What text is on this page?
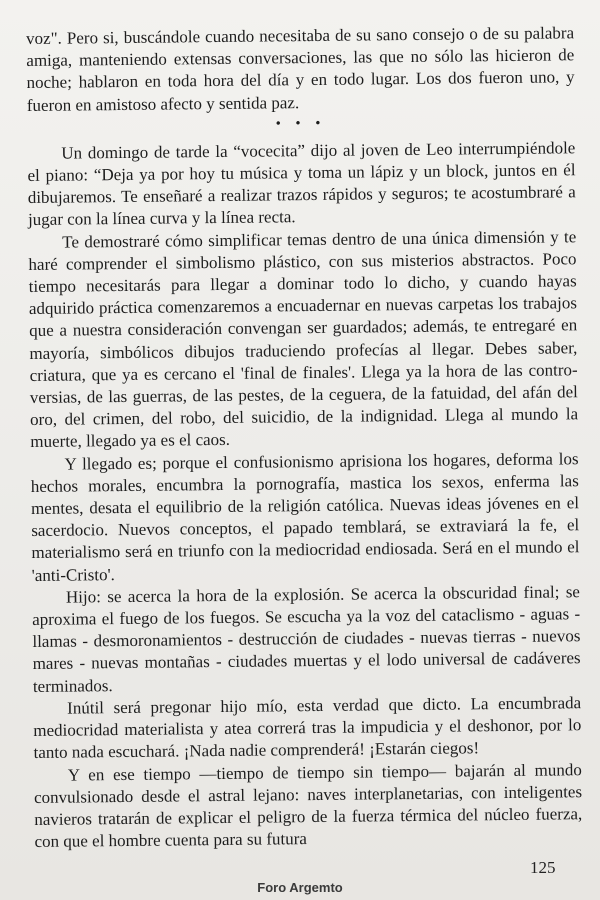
voz". Pero si, buscándole cuando necesitaba de su sano consejo o de su palabra amiga, manteniendo extensas conversaciones, las que no sólo las hicieron de noche; hablaron en toda hora del día y en todo lugar. Los dos fueron uno, y fueron en amistoso afecto y sentida paz.

• • •

Un domingo de tarde la “vocecita” dijo al joven de Leo interrumpiéndole el piano: “Deja ya por hoy tu música y toma un lápiz y un block, juntos en él dibujaremos. Te enseñaré a realizar trazos rápidos y seguros; te acostumbraré a jugar con la línea curva y la línea recta.

Te demostraré cómo simplificar temas dentro de una única dimensión y te haré comprender el simbolismo plástico, con sus misterios abstractos. Poco tiempo necesitarás para llegar a dominar todo lo dicho, y cuando hayas adquirido práctica comenzaremos a encuadernar en nuevas carpetas los trabajos que a nuestra consideración convengan ser guardados; además, te entregaré en mayoría, simbólicos dibujos traduciendo profecías al llegar. Debes saber, criatura, que ya es cercano el 'final de finales'. Llega ya la hora de las controversias, de las guerras, de las pestes, de la ceguera, de la fatuidad, del afán del oro, del crimen, del robo, del suicidio, de la indignidad. Llega al mundo la muerte, llegado ya es el caos.

Y llegado es; porque el confusionismo aprisiona los hogares, deforma los hechos morales, encumbra la pornografía, mastica los sexos, enferma las mentes, desata el equilibrio de la religión católica. Nuevas ideas jóvenes en el sacerdocio. Nuevos conceptos, el papado temblará, se extraviará la fe, el materialismo será en triunfo con la mediocridad endiosada. Será en el mundo el 'anti-Cristo'.

Hijo: se acerca la hora de la explosión. Se acerca la obscuridad final; se aproxima el fuego de los fuegos. Se escucha ya la voz del cataclismo - aguas - llamas - desmoronamientos - destrucción de ciudades - nuevas tierras - nuevos mares - nuevas montañas - ciudades muertas y el lodo universal de cadáveres terminados.

Inútil será pregonar hijo mío, esta verdad que dicto. La encumbrada mediocridad materialista y atea correrá tras la impudicia y el deshonor, por lo tanto nada escuchará. ¡Nada nadie comprenderá! ¡Estarán ciegos!

Y en ese tiempo —tiempo de tiempo sin tiempo— bajarán al mundo convulsionado desde el astral lejano: naves interplanetarias, con inteligentes navieros tratarán de explicar el peligro de la fuerza térmica del núcleo fuerza, con que el hombre cuenta para su futura

125
Foro Argemto
